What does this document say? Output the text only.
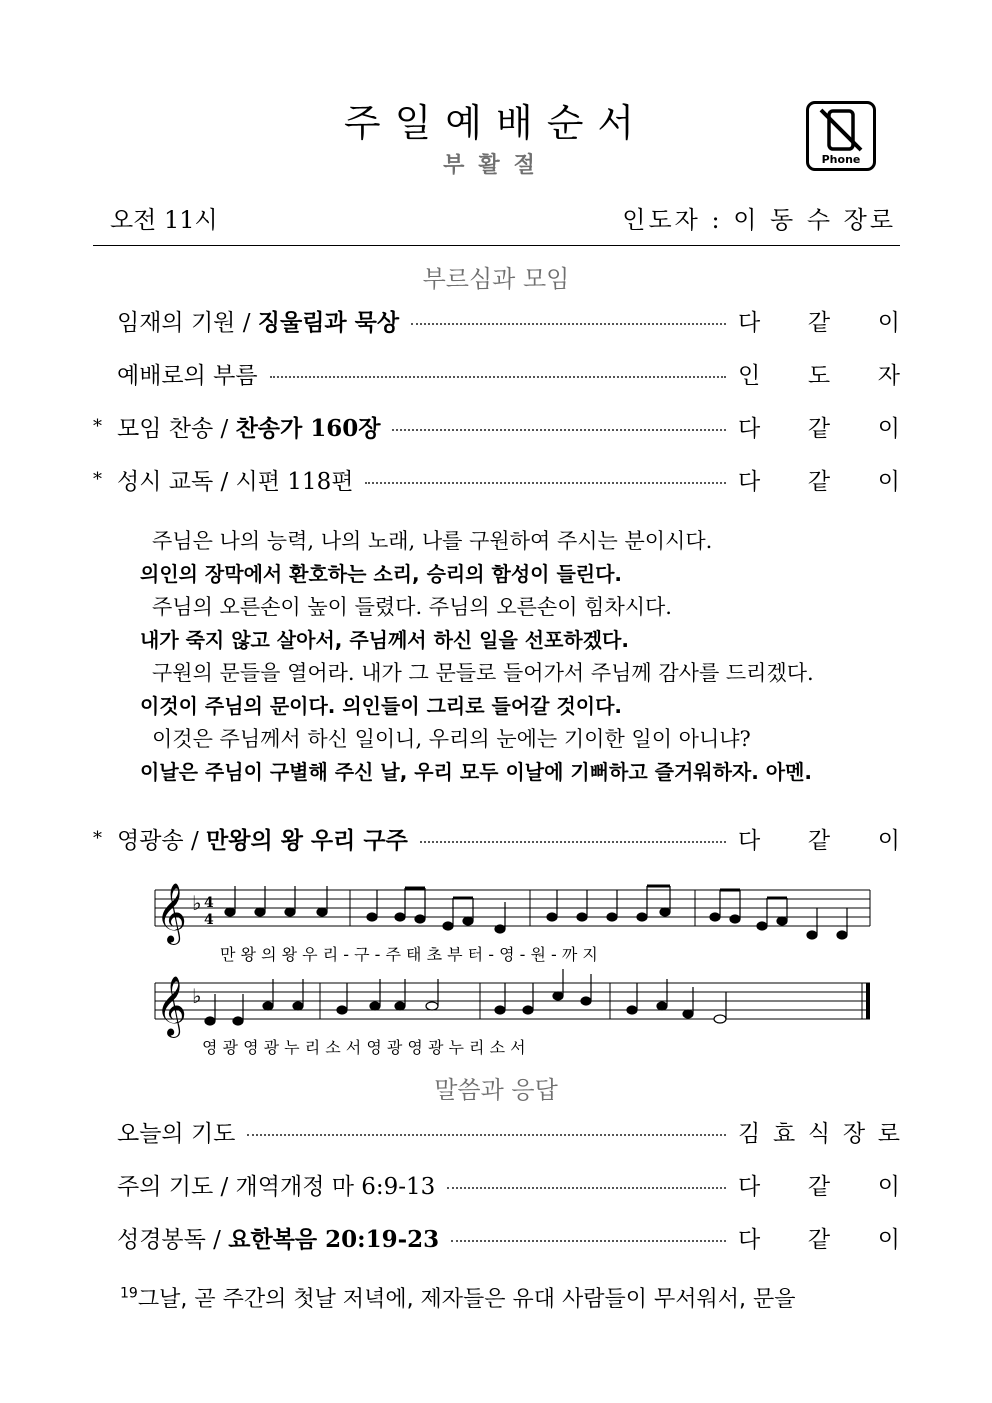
주일예배순서
부활절	Phone
오전 11시	인도자 : 이 동 수 장로
부르심과 모임
임재의 기원 / 징울림과 묵상	다 같 이
예배로의 부름	인 도 자
* 모임 찬송 / 찬송가 160장	다 같 이
* 성시 교독 / 시편 118편	다 같 이
주님은 나의 능력, 나의 노래, 나를 구원하여 주시는 분이시다.
의인의 장막에서 환호하는 소리, 승리의 함성이 들린다.
주님의 오른손이 높이 들렸다. 주님의 오른손이 힘차시다.
내가 죽지 않고 살아서, 주님께서 하신 일을 선포하겠다.
구원의 문들을 열어라. 내가 그 문들로 들어가서 주님께 감사를 드리겠다.
이것이 주님의 문이다. 의인들이 그리로 들어갈 것이다.
이것은 주님께서 하신 일이니, 우리의 눈에는 기이한 일이 아니냐?
이날은 주님이 구별해 주신 날, 우리 모두 이날에 기뻐하고 즐거워하자. 아멘.
* 영광송 / 만왕의 왕 우리 구주	다 같 이
𝄞 ♭ 4
4
𝄞 ♭
만 왕 의 왕 우 리 - 구 - 주 태 초 부 터 - 영 - 원 - 까 지
영 광 영 광 누 리 소 서 영 광 영 광 누 리 소 서
말씀과 응답
오늘의 기도	김 효 식 장 로
주의 기도 / 개역개정 마 6:9-13	다 같 이
성경봉독 / 요한복음 20:19-23	다 같 이
$^{19}$그날, 곧 주간의 첫날 저녁에, 제자들은 유대 사람들이 무서워서, 문을
